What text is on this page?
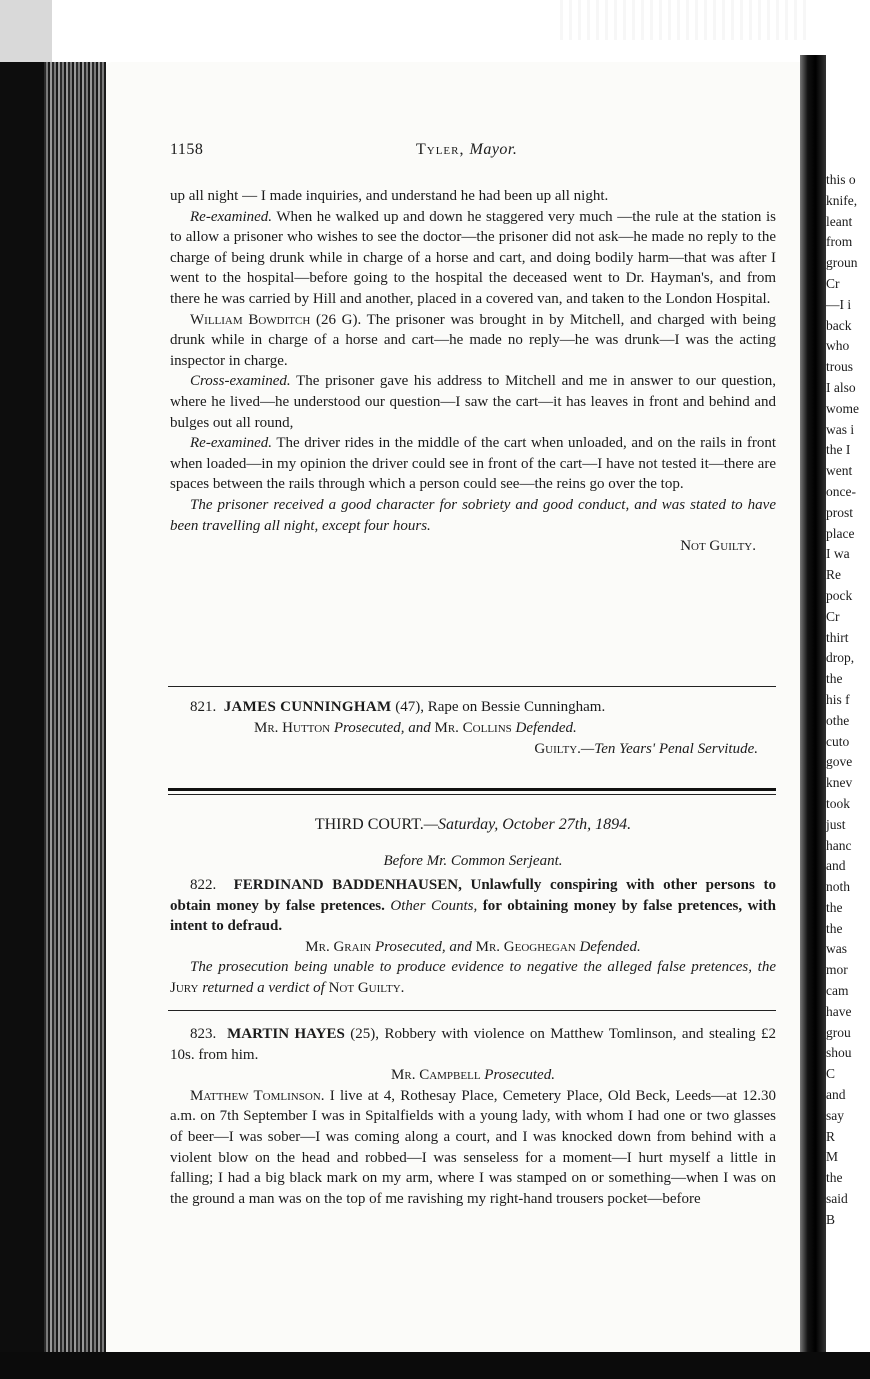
1158	Tyler, Mayor.

up all night — I made inquiries, and understand he had been up all night.

Re-examined. When he walked up and down he staggered very much —the rule at the station is to allow a prisoner who wishes to see the doctor—the prisoner did not ask—he made no reply to the charge of being drunk while in charge of a horse and cart, and doing bodily harm—that was after I went to the hospital—before going to the hospital the deceased went to Dr. Hayman's, and from there he was carried by Hill and another, placed in a covered van, and taken to the London Hospital.

William Bowditch (26 G). The prisoner was brought in by Mitchell, and charged with being drunk while in charge of a horse and cart—he made no reply—he was drunk—I was the acting inspector in charge.

Cross-examined. The prisoner gave his address to Mitchell and me in answer to our question, where he lived—he understood our question—I saw the cart—it has leaves in front and behind and bulges out all round,

Re-examined. The driver rides in the middle of the cart when unloaded, and on the rails in front when loaded—in my opinion the driver could see in front of the cart—I have not tested it—there are spaces between the rails through which a person could see—the reins go over the top.

The prisoner received a good character for sobriety and good conduct, and was stated to have been travelling all night, except four hours.

Not Guilty.
821. JAMES CUNNINGHAM (47), Rape on Bessie Cunningham.
Mr. Hutton Prosecuted, and Mr. Collins Defended.
Guilty.—Ten Years' Penal Servitude.
THIRD COURT.—Saturday, October 27th, 1894.
Before Mr. Common Serjeant.

822. FERDINAND BADDENHAUSEN, Unlawfully conspiring with other persons to obtain money by false pretences. Other Counts, for obtaining money by false pretences, with intent to defraud.

Mr. Grain Prosecuted, and Mr. Geoghegan Defended.

The prosecution being unable to produce evidence to negative the alleged false pretences, the Jury returned a verdict of Not Guilty.

823. MARTIN HAYES (25), Robbery with violence on Matthew Tomlinson, and stealing £2 10s. from him.

Mr. Campbell Prosecuted.

Matthew Tomlinson. I live at 4, Rothesay Place, Cemetery Place, Old Beck, Leeds—at 12.30 a.m. on 7th September I was in Spitalfields with a young lady, with whom I had one or two glasses of beer—I was sober—I was coming along a court, and I was knocked down from behind with a violent blow on the head and robbed—I was senseless for a moment—I hurt myself a little in falling; I had a big black mark on my arm, where I was stamped on or something—when I was on the ground a man was on the top of me ravishing my right-hand trousers pocket—before

this o
knife,
leant
from
groun
Cr
—I i
back
who
trous
I also
wome
was i
the I
went
once-
prost
place
I wa
Re
pock
Cr
thirt
drop,
the
his f
othe
cuto
gove
knev
took
just
hanc
and
noth
the
the
was
mor
cam
have
grou
shou
C
and
say
R
M
the
said
B
